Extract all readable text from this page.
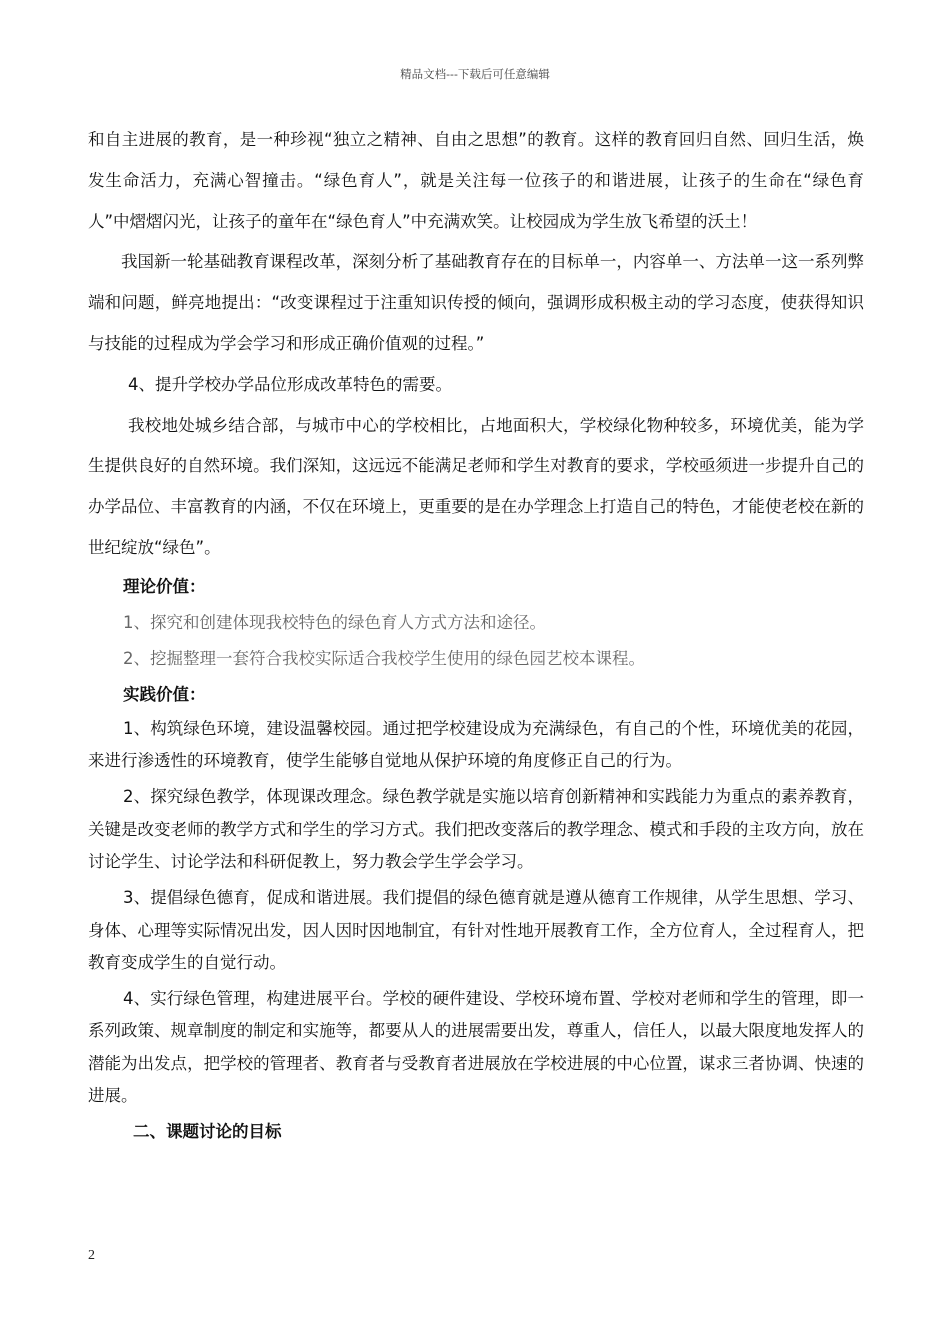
精品文档---下载后可任意编辑

和自主进展的教育，是一种珍视“独立之精神、自由之思想”的教育。这样的教育回归自然、回归生活，焕发生命活力，充满心智撞击。“绿色育人”，就是关注每一位孩子的和谐进展，让孩子的生命在“绿色育人”中熠熠闪光，让孩子的童年在“绿色育人”中充满欢笑。让校园成为学生放飞希望的沃土！

我国新一轮基础教育课程改革，深刻分析了基础教育存在的目标单一，内容单一、方法单一这一系列弊端和问题，鲜亮地提出：“改变课程过于注重知识传授的倾向，强调形成积极主动的学习态度，使获得知识与技能的过程成为学会学习和形成正确价值观的过程。”

4、提升学校办学品位形成改革特色的需要。

我校地处城乡结合部，与城市中心的学校相比，占地面积大，学校绿化物种较多，环境优美，能为学生提供良好的自然环境。我们深知，这远远不能满足老师和学生对教育的要求，学校亟须进一步提升自己的办学品位、丰富教育的内涵，不仅在环境上，更重要的是在办学理念上打造自己的特色，才能使老校在新的世纪绽放“绿色”。

理论价值：

1、探究和创建体现我校特色的绿色育人方式方法和途径。

2、挖掘整理一套符合我校实际适合我校学生使用的绿色园艺校本课程。

实践价值：

1、构筑绿色环境，建设温馨校园。通过把学校建设成为充满绿色，有自己的个性，环境优美的花园，来进行渗透性的环境教育，使学生能够自觉地从保护环境的角度修正自己的行为。

2、探究绿色教学，体现课改理念。绿色教学就是实施以培育创新精神和实践能力为重点的素养教育，关键是改变老师的教学方式和学生的学习方式。我们把改变落后的教学理念、模式和手段的主攻方向，放在讨论学生、讨论学法和科研促教上，努力教会学生学会学习。

3、提倡绿色德育，促成和谐进展。我们提倡的绿色德育就是遵从德育工作规律，从学生思想、学习、身体、心理等实际情况出发，因人因时因地制宜，有针对性地开展教育工作，全方位育人，全过程育人，把教育变成学生的自觉行动。

4、实行绿色管理，构建进展平台。学校的硬件建设、学校环境布置、学校对老师和学生的管理，即一系列政策、规章制度的制定和实施等，都要从人的进展需要出发，尊重人，信任人，以最大限度地发挥人的潜能为出发点，把学校的管理者、教育者与受教育者进展放在学校进展的中心位置，谋求三者协调、快速的进展。

二、课题讨论的目标

2
